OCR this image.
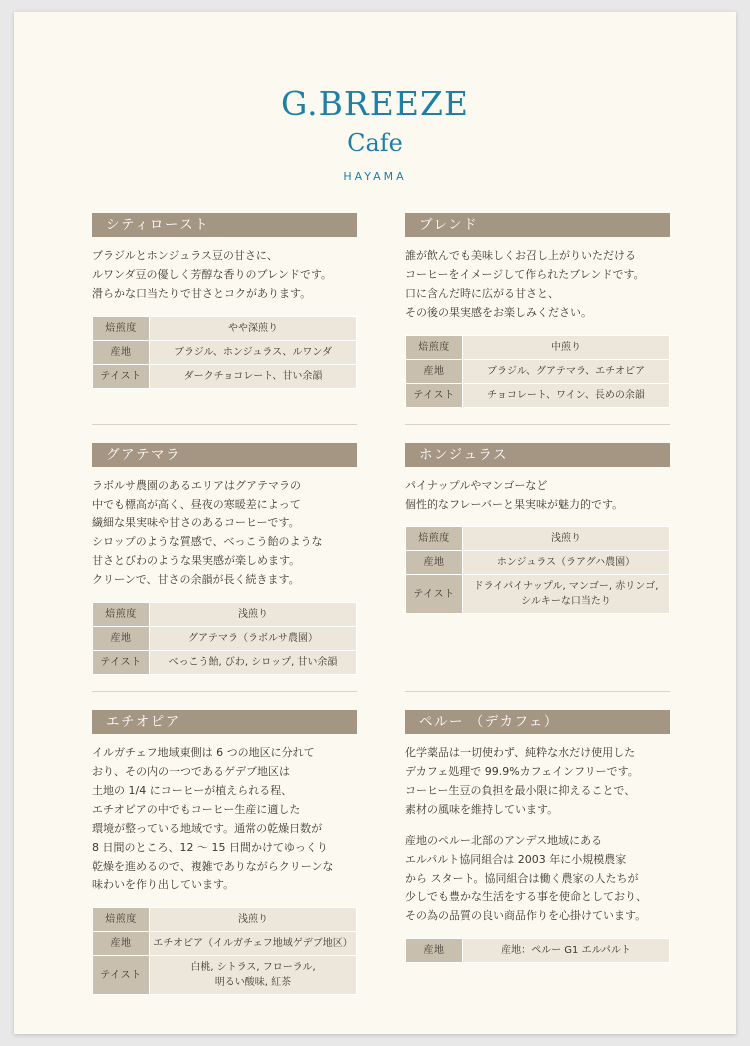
G.BREEZE
Cafe
HAYAMA
シティロースト

ブラジルとホンジュラス豆の甘さに、
ルワンダ豆の優しく芳醇な香りのブレンドです。
滑らかな口当たりで甘さとコクがあります。

焙煎度	やや深煎り
産地	ブラジル、ホンジュラス、ルワンダ
テイスト	ダークチョコレート、甘い余韻
ブレンド

誰が飲んでも美味しくお召し上がりいただける
コーヒーをイメージして作られたブレンドです。
口に含んだ時に広がる甘さと、
その後の果実感をお楽しみください。

焙煎度	中煎り
産地	ブラジル、グアテマラ、エチオピア
テイスト	チョコレート、ワイン、長めの余韻
グアテマラ

ラボルサ農園のあるエリアはグアテマラの
中でも標高が高く、昼夜の寒暖差によって
繊細な果実味や甘さのあるコーヒーです。
シロップのような質感で、べっこう飴のような
甘さとびわのような果実感が楽しめます。
クリーンで、甘さの余韻が長く続きます。

焙煎度	浅煎り
産地	グアテマラ（ラボルサ農園）
テイスト	べっこう飴, びわ, シロップ, 甘い余韻
ホンジュラス

パイナップルやマンゴーなど
個性的なフレーバーと果実味が魅力的です。

焙煎度	浅煎り
産地	ホンジュラス（ラアグハ農園）
テイスト	ドライパイナップル, マンゴー, 赤リンゴ,
シルキーな口当たり
エチオピア

イルガチェフ地域東側は 6 つの地区に分れて
おり、その内の一つであるゲデブ地区は
土地の 1/4 にコーヒーが植えられる程、
エチオピアの中でもコーヒー生産に適した
環境が整っている地域です。通常の乾燥日数が
8 日間のところ、12 〜 15 日間かけてゆっくり
乾燥を進めるので、複雑でありながらクリーンな
味わいを作り出しています。

焙煎度	浅煎り
産地	エチオピア（イルガチェフ地域ゲデブ地区）
テイスト	白桃, シトラス, フローラル,
明るい酸味, 紅茶
ペルー （デカフェ）

化学薬品は一切使わず、純粋な水だけ使用した
デカフェ処理で 99.9%カフェインフリーです。
コーヒー生豆の負担を最小限に抑えることで、
素材の風味を維持しています。

産地のペルー北部のアンデス地域にある
エルパルト協同組合は 2003 年に小規模農家
から スタート。協同組合は働く農家の人たちが
少しでも豊かな生活をする事を使命としており、
その為の品質の良い商品作りを心掛けています。

産地	産地：ペルー G1 エルパルト
